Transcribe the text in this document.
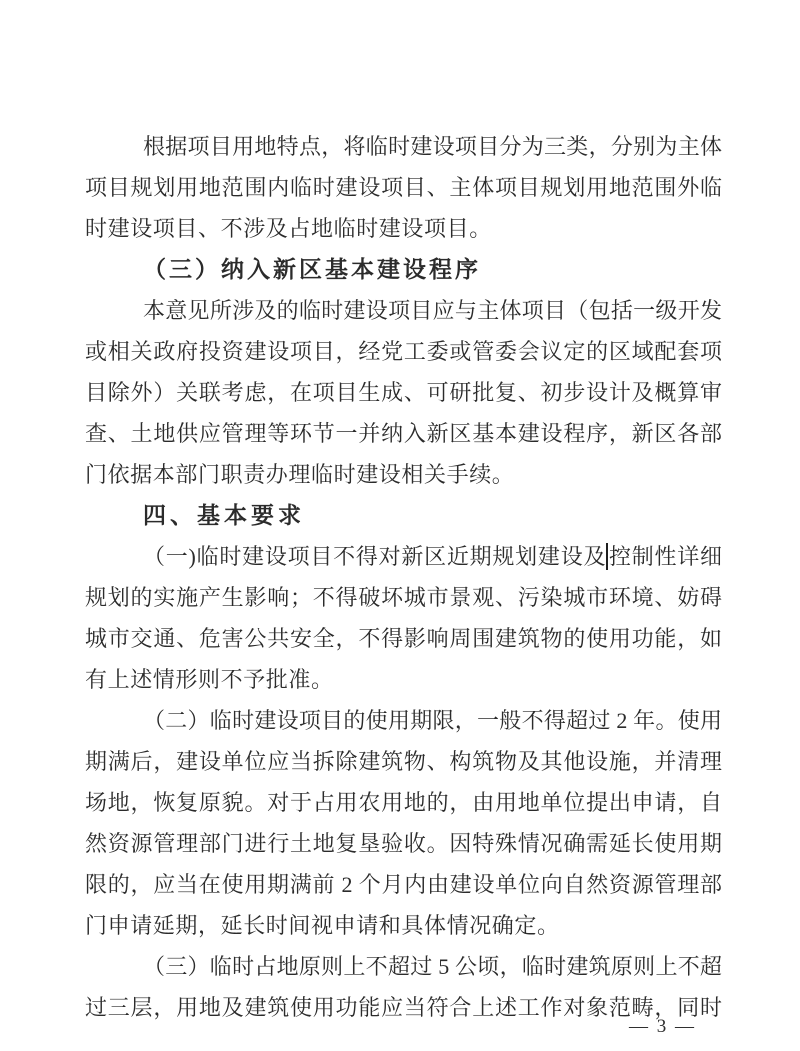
根据项目用地特点，将临时建设项目分为三类，分别为主体
项目规划用地范围内临时建设项目、主体项目规划用地范围外临
时建设项目、不涉及占地临时建设项目。
（三）纳入新区基本建设程序
本意见所涉及的临时建设项目应与主体项目（包括一级开发
或相关政府投资建设项目，经党工委或管委会议定的区域配套项
目除外）关联考虑，在项目生成、可研批复、初步设计及概算审
查、土地供应管理等环节一并纳入新区基本建设程序，新区各部
门依据本部门职责办理临时建设相关手续。
四、基本要求
（一)临时建设项目不得对新区近期规划建设及控制性详细
规划的实施产生影响；不得破坏城市景观、污染城市环境、妨碍
城市交通、危害公共安全，不得影响周围建筑物的使用功能，如
有上述情形则不予批准。
（二）临时建设项目的使用期限，一般不得超过 2 年。使用
期满后，建设单位应当拆除建筑物、构筑物及其他设施，并清理
场地，恢复原貌。对于占用农用地的，由用地单位提出申请，自
然资源管理部门进行土地复垦验收。因特殊情况确需延长使用期
限的，应当在使用期满前 2 个月内由建设单位向自然资源管理部
门申请延期，延长时间视申请和具体情况确定。
（三）临时占地原则上不超过 5 公顷，临时建筑原则上不超
过三层，用地及建筑使用功能应当符合上述工作对象范畴，同时
— 3 —
